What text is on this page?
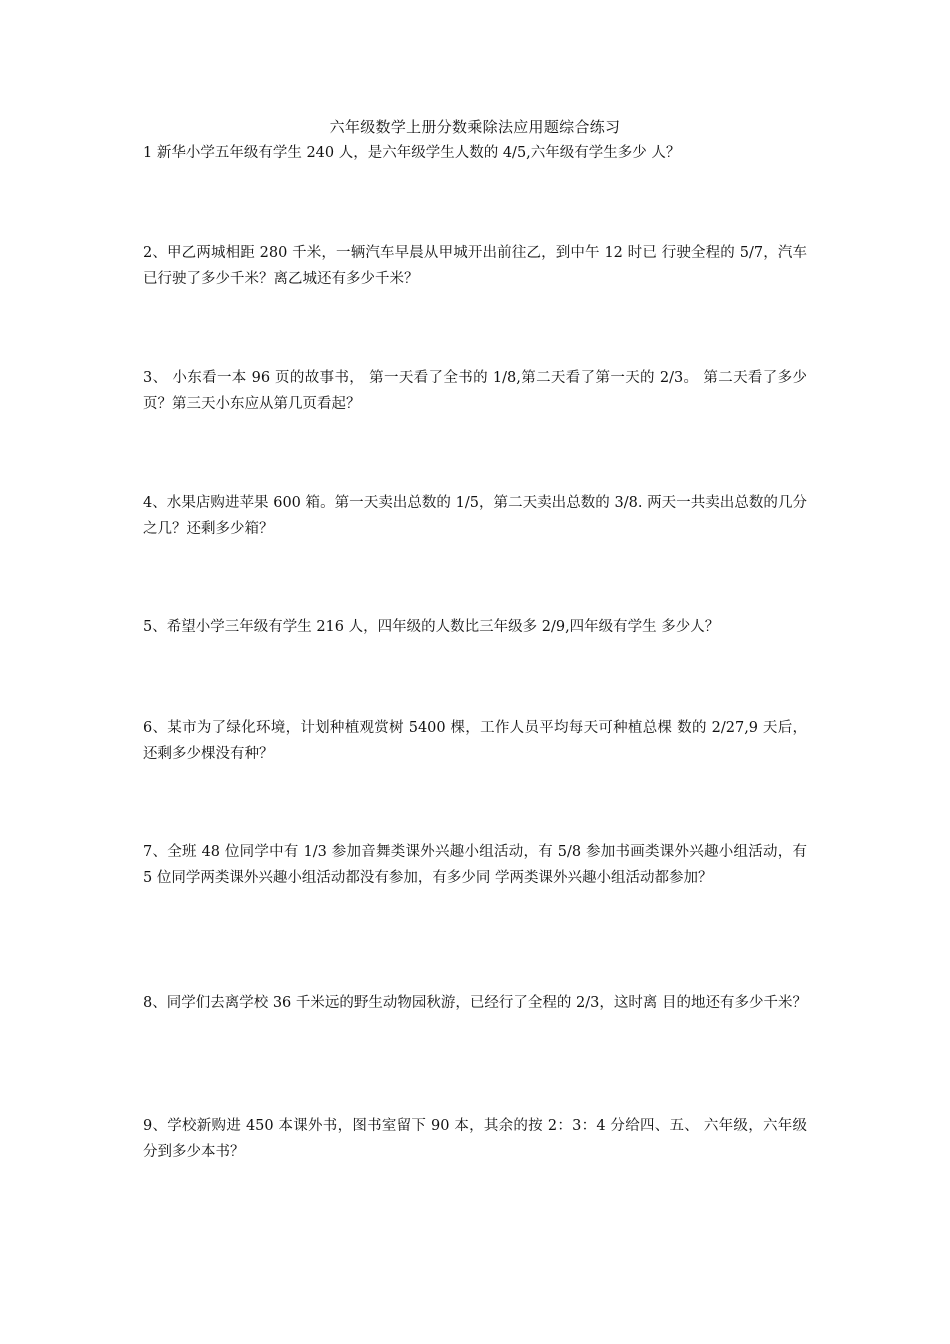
六年级数学上册分数乘除法应用题综合练习
1 新华小学五年级有学生 240 人，是六年级学生人数的 4/5,六年级有学生多少 人？
2、甲乙两城相距 280 千米，一辆汽车早晨从甲城开出前往乙，到中午 12 时已 行驶全程的 5/7，汽车已行驶了多少千米？离乙城还有多少千米？
3、 小东看一本 96 页的故事书， 第一天看了全书的 1/8,第二天看了第一天的 2/3。 第二天看了多少页？第三天小东应从第几页看起？
4、水果店购进苹果 600 箱。第一天卖出总数的 1/5，第二天卖出总数的 3/8. 两天一共卖出总数的几分之几？还剩多少箱？
5、希望小学三年级有学生 216 人，四年级的人数比三年级多 2/9,四年级有学生 多少人？
6、某市为了绿化环境，计划种植观赏树 5400 棵，工作人员平均每天可种植总棵 数的 2/27,9 天后，还剩多少棵没有种？
7、全班 48 位同学中有 1/3 参加音舞类课外兴趣小组活动，有 5/8 参加书画类课外兴趣小组活动，有 5 位同学两类课外兴趣小组活动都没有参加，有多少同 学两类课外兴趣小组活动都参加？
8、同学们去离学校 36 千米远的野生动物园秋游，已经行了全程的 2/3，这时离 目的地还有多少千米？
9、学校新购进 450 本课外书，图书室留下 90 本，其余的按 2：3：4 分给四、五、 六年级，六年级分到多少本书？
